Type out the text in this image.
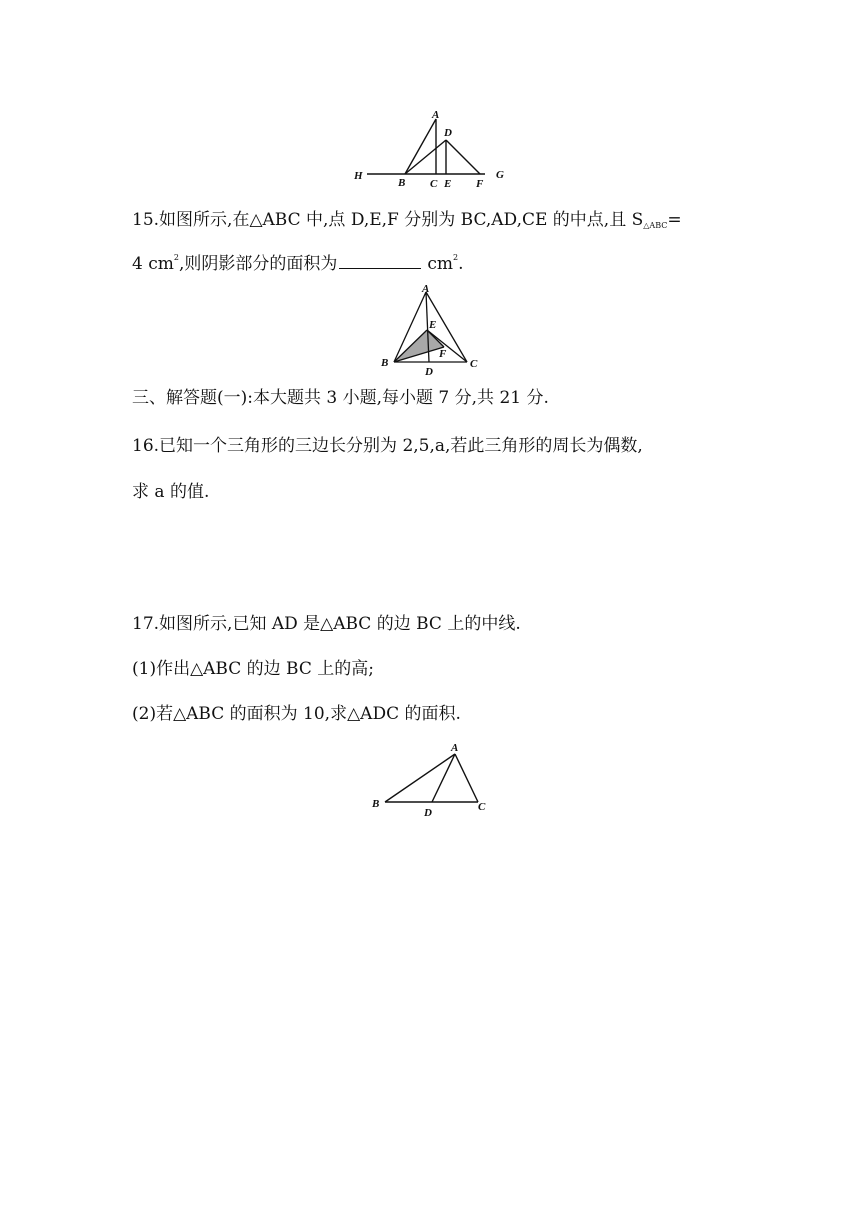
A
D
H
B C E F
G
15.如图所示,在△ABC 中,点 D,E,F 分别为 BC,AD,CE 的中点,且 $S_{\triangle ABC}=$
4 $cm^2$,则阴影部分的面积为	$cm^2$.
A
E
B
F
C
D
三、解答题(一):本大题共 3 小题,每小题 7 分,共 21 分.
16.已知一个三角形的三边长分别为 2,5,a,若此三角形的周长为偶数,
求 a 的值.
17.如图所示,已知 AD 是△ABC 的边 BC 上的中线.
(1)作出△ABC 的边 BC 上的高;
(2)若△ABC 的面积为 10,求△ADC 的面积.
A
B
D	C
